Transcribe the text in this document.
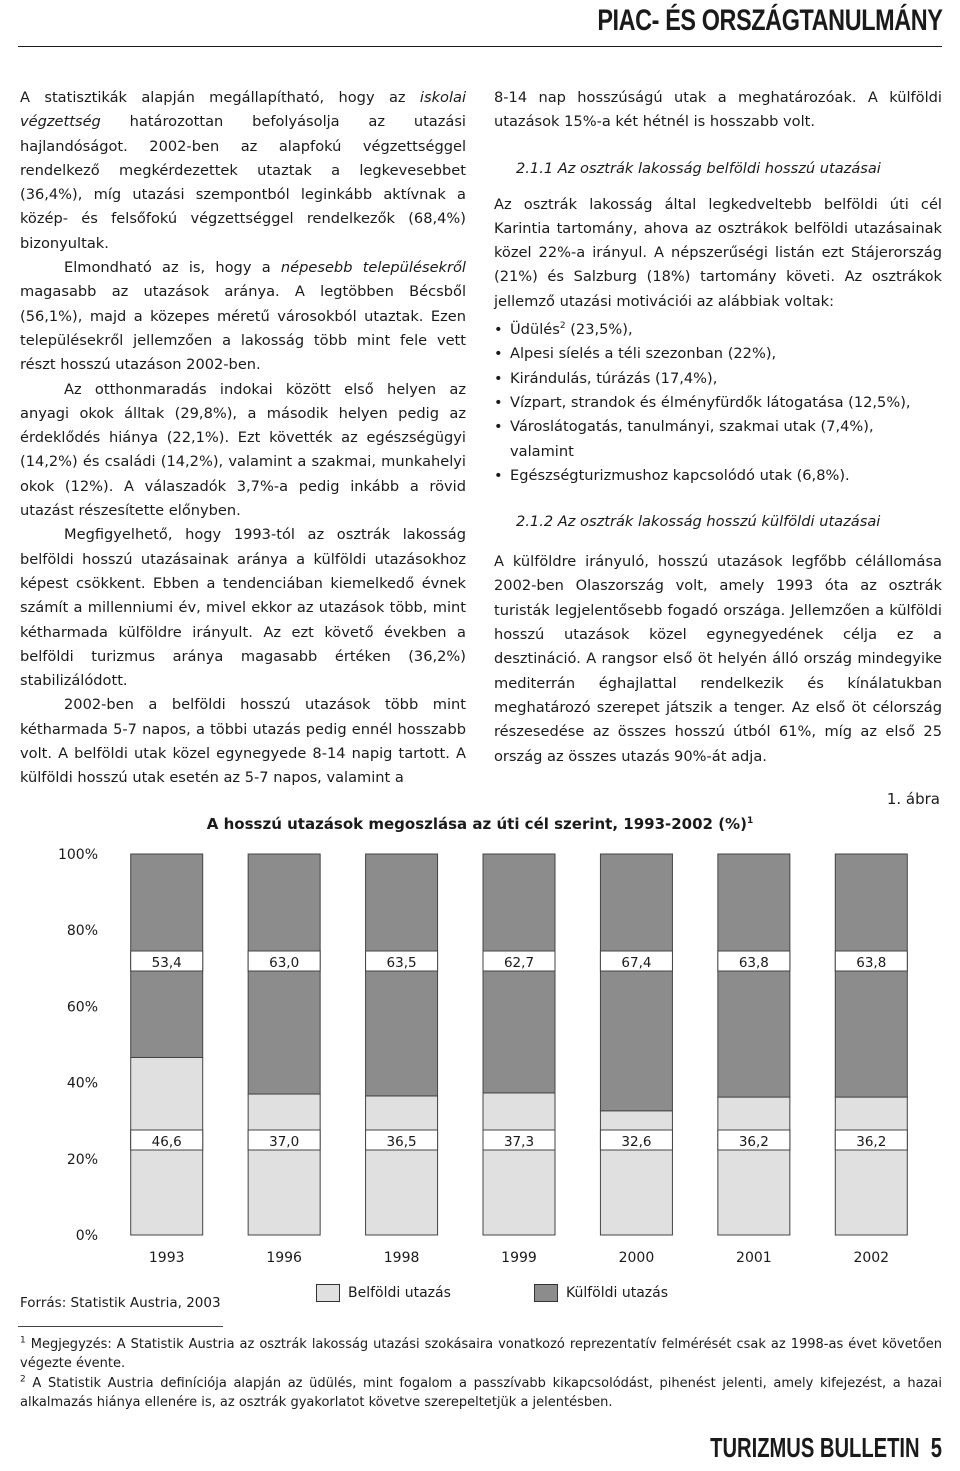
PIAC- ÉS ORSZÁGTANULMÁNY

A statisztikák alapján megállapítható, hogy az iskolai végzettség határozottan befolyásolja az utazási hajlandóságot. 2002-ben az alapfokú végzettséggel rendelkező megkérdezettek utaztak a legkevesebbet (36,4%), míg utazási szempontból leginkább aktívnak a közép- és felsőfokú végzettséggel rendelkezők (68,4%) bizonyultak.

Elmondható az is, hogy a népesebb településekről magasabb az utazások aránya. A legtöbben Bécsből (56,1%), majd a közepes méretű városokból utaztak. Ezen településekről jellemzően a lakosság több mint fele vett részt hosszú utazáson 2002-ben.

Az otthonmaradás indokai között első helyen az anyagi okok álltak (29,8%), a második helyen pedig az érdeklődés hiánya (22,1%). Ezt követték az egészségügyi (14,2%) és családi (14,2%), valamint a szakmai, munkahelyi okok (12%). A válaszadók 3,7%-a pedig inkább a rövid utazást részesítette előnyben.

Megfigyelhető, hogy 1993-tól az osztrák lakosság belföldi hosszú utazásainak aránya a külföldi utazásokhoz képest csökkent. Ebben a tendenciában kiemelkedő évnek számít a millenniumi év, mivel ekkor az utazások több, mint kétharmada külföldre irányult. Az ezt követő években a belföldi turizmus aránya magasabb értéken (36,2%) stabilizálódott.

2002-ben a belföldi hosszú utazások több mint kétharmada 5-7 napos, a többi utazás pedig ennél hosszabb volt. A belföldi utak közel egynegyede 8-14 napig tartott. A külföldi hosszú utak esetén az 5-7 napos, valamint a

8-14 nap hosszúságú utak a meghatározóak. A külföldi utazások 15%-a két hétnél is hosszabb volt.

2.1.1 Az osztrák lakosság belföldi hosszú utazásai

Az osztrák lakosság által legkedveltebb belföldi úti cél Karintia tartomány, ahova az osztrákok belföldi utazásainak közel 22%-a irányul. A népszerűségi listán ezt Stájerország (21%) és Salzburg (18%) tartomány követi. Az osztrákok jellemző utazási motivációi az alábbiak voltak:

• Üdülés$^2$ (23,5%),
• Alpesi síelés a téli szezonban (22%),
• Kirándulás, túrázás (17,4%),
• Vízpart, strandok és élményfürdők látogatása (12,5%),
• Városlátogatás, tanulmányi, szakmai utak (7,4%), valamint
• Egészségturizmushoz kapcsolódó utak (6,8%).
2.1.2 Az osztrák lakosság hosszú külföldi utazásai

A külföldre irányuló, hosszú utazások legfőbb célállomása 2002-ben Olaszország volt, amely 1993 óta az osztrák turisták legjelentősebb fogadó országa. Jellemzően a külföldi hosszú utazások közel egynegyedének célja ez a desztináció. A rangsor első öt helyén álló ország mindegyike mediterrán éghajlattal rendelkezik és kínálatukban meghatározó szerepet játszik a tenger. Az első öt célország részesedése az összes hosszú útból 61%, míg az első 25 ország az összes utazás 90%-át adja.

1. ábra
A hosszú utazások megoszlása az úti cél szerint, 1993-2002 (%)$^1$
0%
20%
40%
60%
80%
100%
46,6
53,4
1993
37,0
63,0
1996
36,5
63,5
1998
37,3
62,7
1999
32,6
67,4
2000
36,2
63,8
2001
36,2
63,8
2002
Forrás: Statistik Austria, 2003
Belföldi utazás	Külföldi utazás
$^1$ Megjegyzés: A Statistik Austria az osztrák lakosság utazási szokásaira vonatkozó reprezentatív felmérését csak az 1998-as évet követően végezte évente.
$^2$ A Statistik Austria definíciója alapján az üdülés, mint fogalom a passzívabb kikapcsolódást, pihenést jelenti, amely kifejezést, a hazai alkalmazás hiánya ellenére is, az osztrák gyakorlatot követve szerepeltetjük a jelentésben.
TURIZMUS BULLETIN 5
